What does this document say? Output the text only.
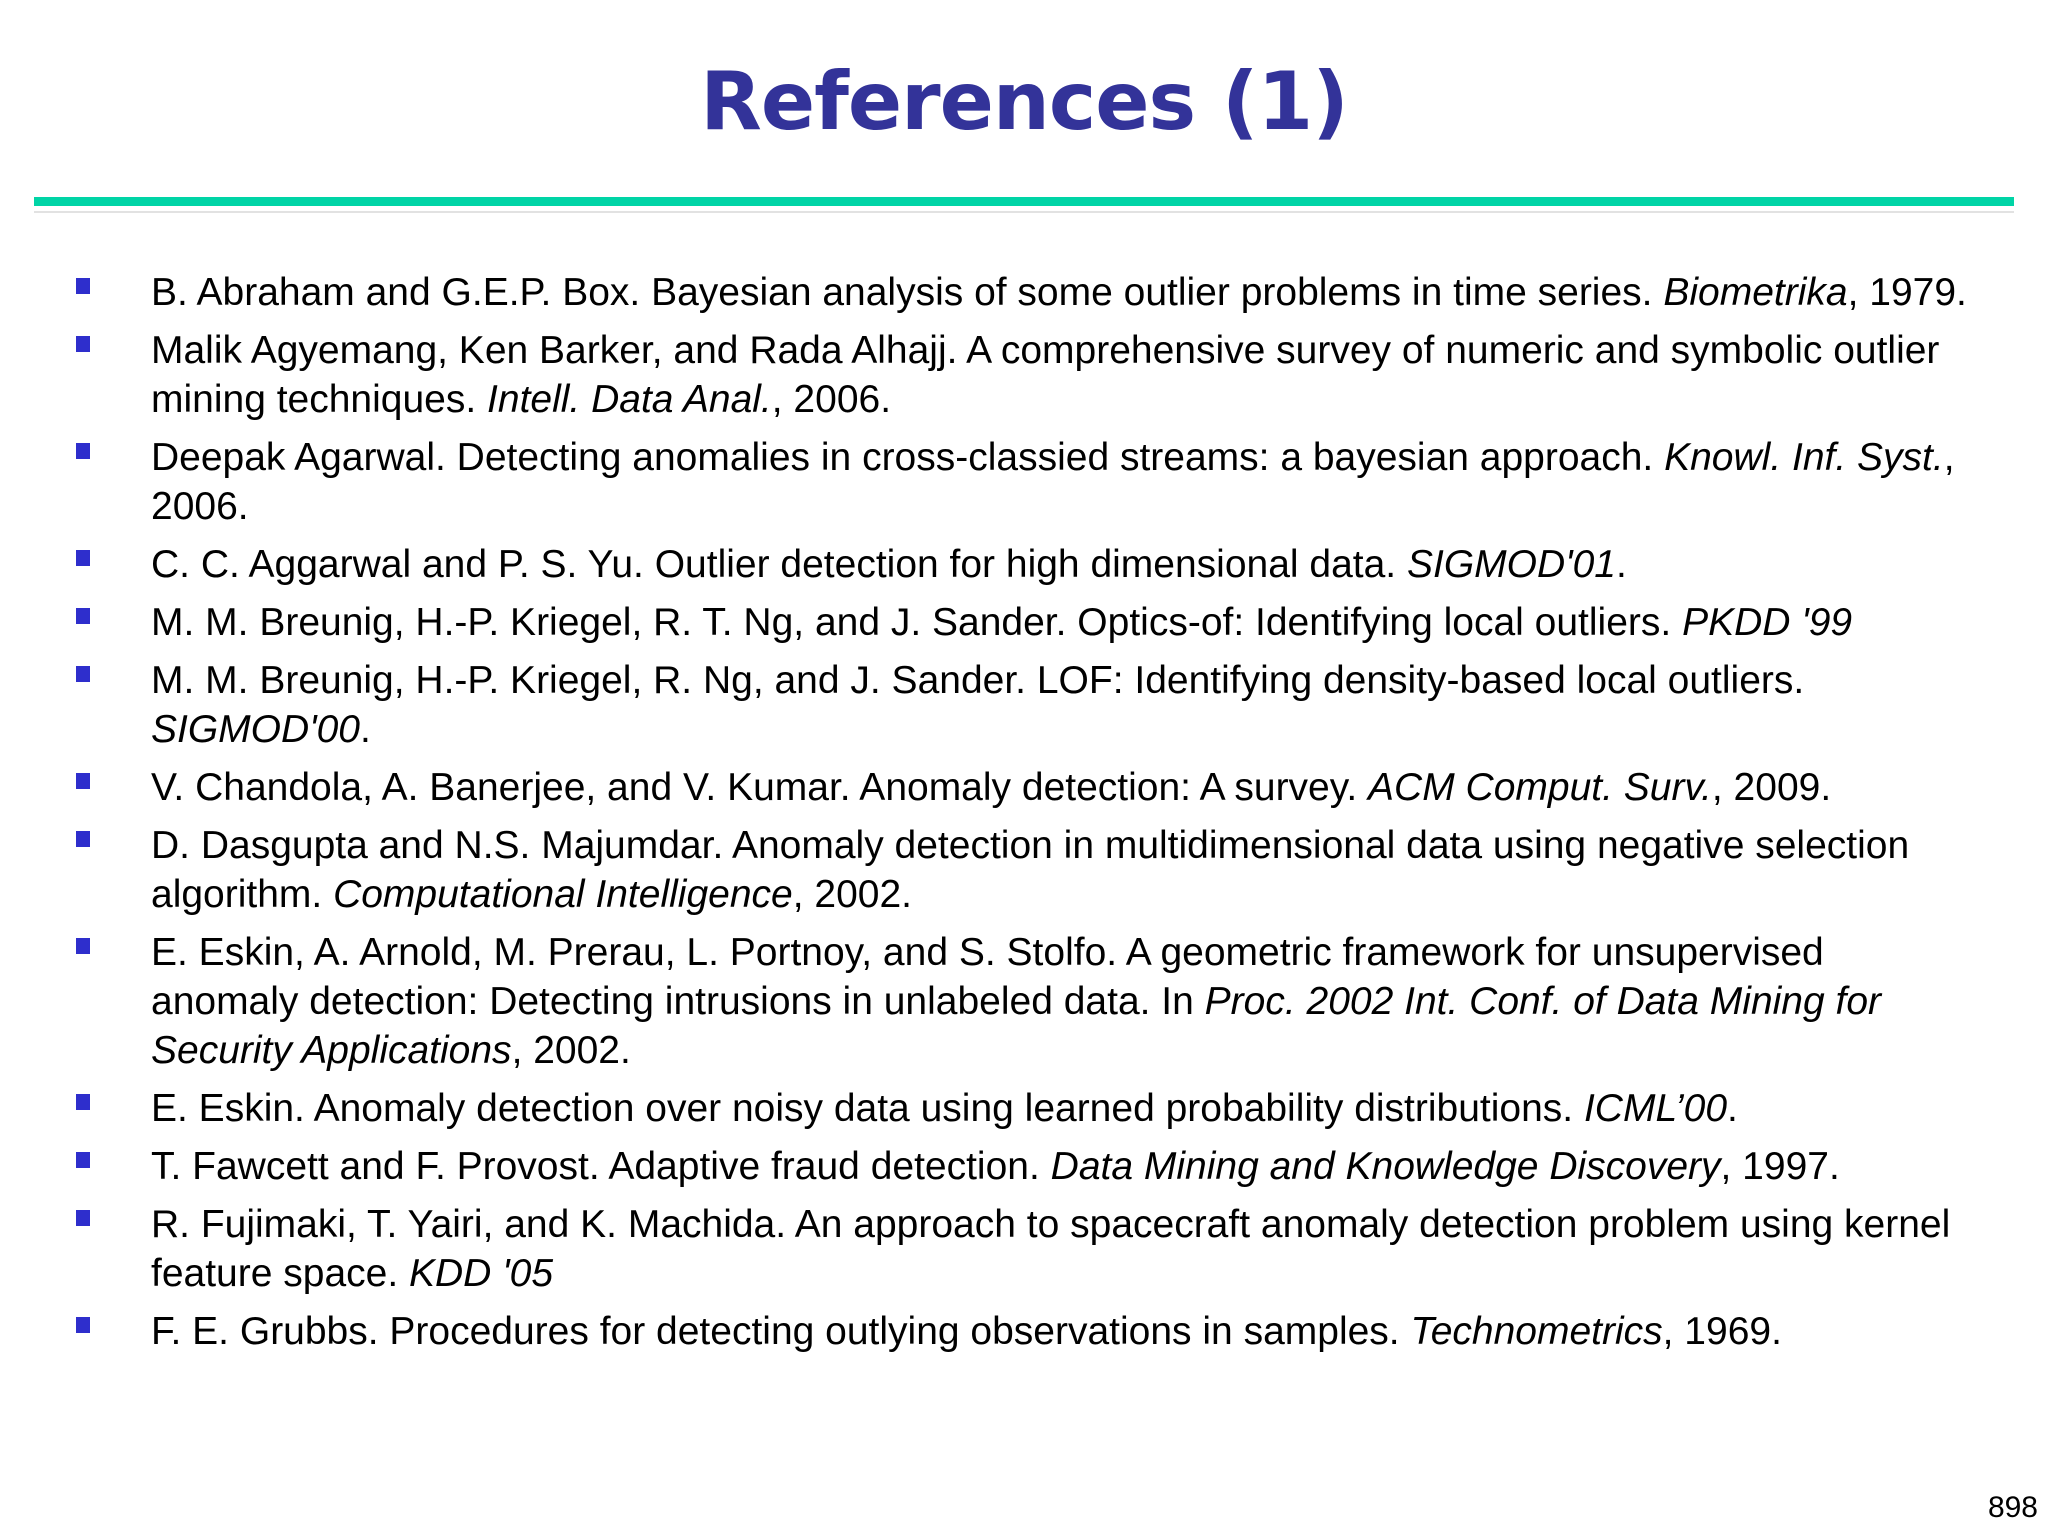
References (1)
B. Abraham and G.E.P. Box. Bayesian analysis of some outlier problems in time series. Biometrika, 1979.
Malik Agyemang, Ken Barker, and Rada Alhajj. A comprehensive survey of numeric and symbolic outlier mining techniques. Intell. Data Anal., 2006.
Deepak Agarwal. Detecting anomalies in cross-classied streams: a bayesian approach. Knowl. Inf. Syst., 2006.
C. C. Aggarwal and P. S. Yu. Outlier detection for high dimensional data. SIGMOD'01.
M. M. Breunig, H.-P. Kriegel, R. T. Ng, and J. Sander. Optics-of: Identifying local outliers. PKDD '99
M. M. Breunig, H.-P. Kriegel, R. Ng, and J. Sander. LOF: Identifying density-based local outliers. SIGMOD'00.
V. Chandola, A. Banerjee, and V. Kumar. Anomaly detection: A survey. ACM Comput. Surv., 2009.
D. Dasgupta and N.S. Majumdar. Anomaly detection in multidimensional data using negative selection algorithm. Computational Intelligence, 2002.
E. Eskin, A. Arnold, M. Prerau, L. Portnoy, and S. Stolfo. A geometric framework for unsupervised anomaly detection: Detecting intrusions in unlabeled data. In Proc. 2002 Int. Conf. of Data Mining for Security Applications, 2002.
E. Eskin. Anomaly detection over noisy data using learned probability distributions. ICML’00.
T. Fawcett and F. Provost. Adaptive fraud detection. Data Mining and Knowledge Discovery, 1997.
R. Fujimaki, T. Yairi, and K. Machida. An approach to spacecraft anomaly detection problem using kernel feature space. KDD '05
F. E. Grubbs. Procedures for detecting outlying observations in samples. Technometrics, 1969.
898
